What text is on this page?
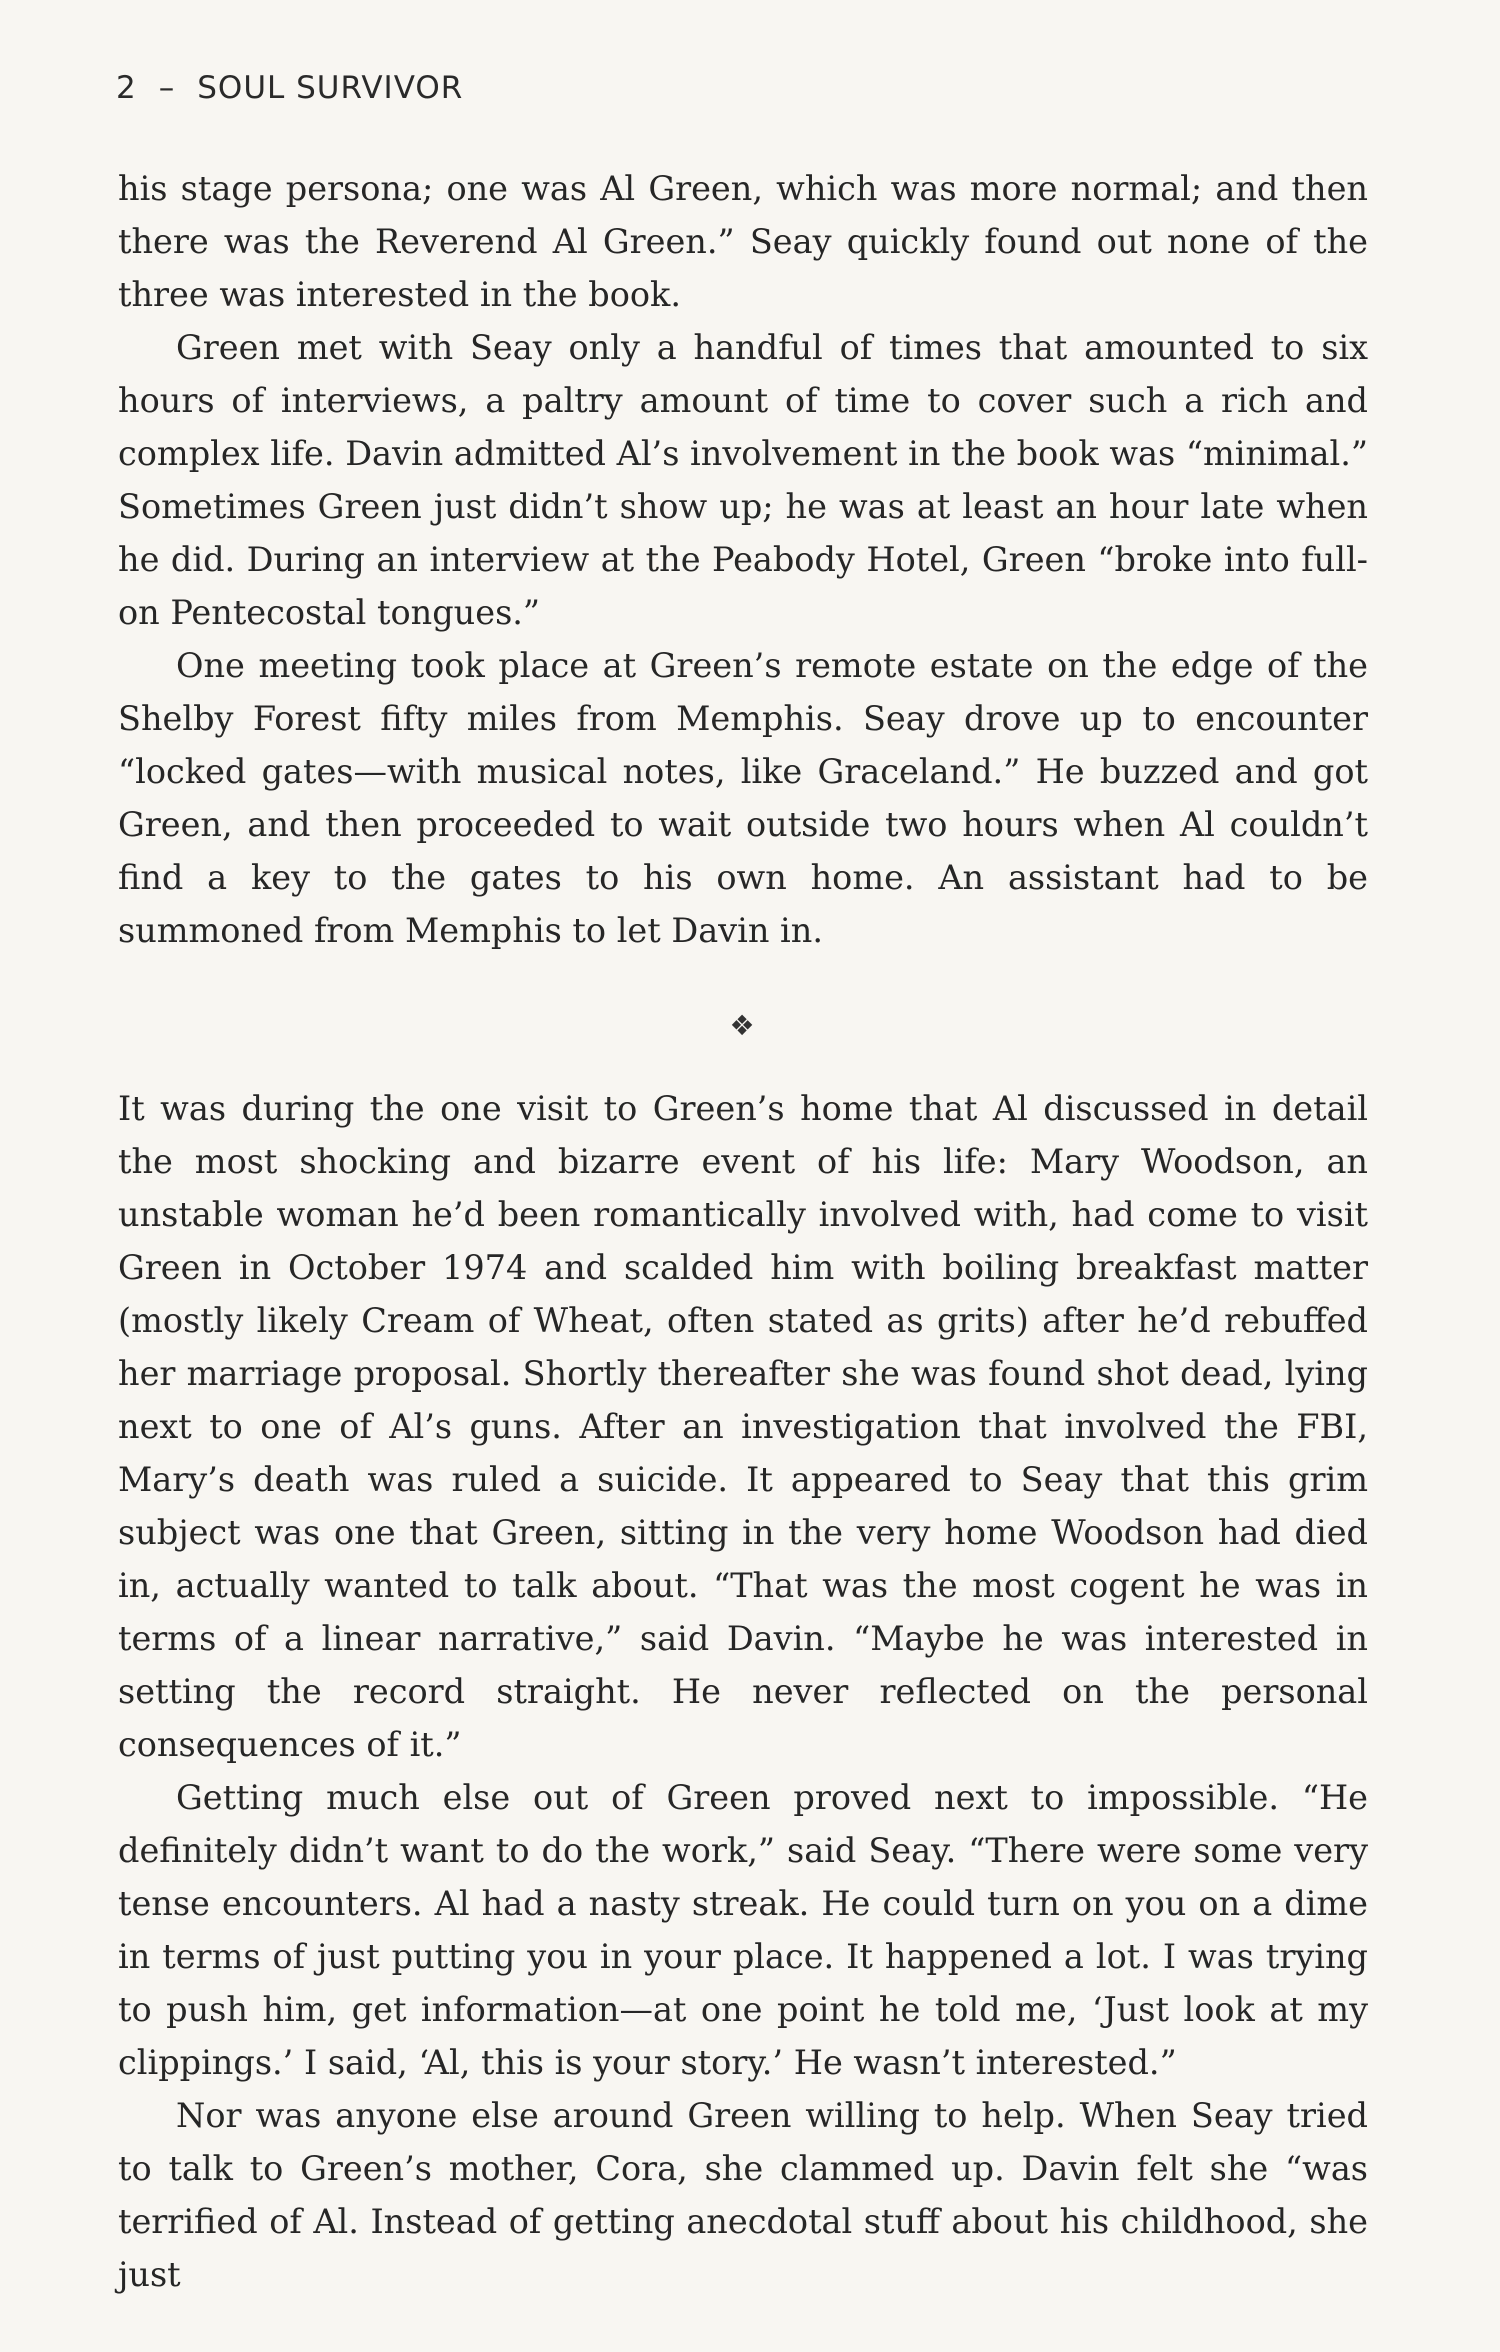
2 – SOUL SURVIVOR

his stage persona; one was Al Green, which was more normal; and then there was the Reverend Al Green.” Seay quickly found out none of the three was interested in the book.

Green met with Seay only a handful of times that amounted to six hours of interviews, a paltry amount of time to cover such a rich and complex life. Davin admitted Al’s involvement in the book was “minimal.” Sometimes Green just didn’t show up; he was at least an hour late when he did. During an interview at the Peabody Hotel, Green “broke into full-on Pentecostal tongues.”

One meeting took place at Green’s remote estate on the edge of the Shelby Forest fifty miles from Memphis. Seay drove up to encounter “locked gates—with musical notes, like Graceland.” He buzzed and got Green, and then proceeded to wait outside two hours when Al couldn’t find a key to the gates to his own home. An assistant had to be summoned from Memphis to let Davin in.

❖

It was during the one visit to Green’s home that Al discussed in detail the most shocking and bizarre event of his life: Mary Woodson, an unstable woman he’d been romantically involved with, had come to visit Green in October 1974 and scalded him with boiling breakfast matter (mostly likely Cream of Wheat, often stated as grits) after he’d rebuffed her marriage proposal. Shortly thereafter she was found shot dead, lying next to one of Al’s guns. After an investigation that involved the FBI, Mary’s death was ruled a suicide. It appeared to Seay that this grim subject was one that Green, sitting in the very home Woodson had died in, actually wanted to talk about. “That was the most cogent he was in terms of a linear narrative,” said Davin. “Maybe he was interested in setting the record straight. He never reflected on the personal consequences of it.”

Getting much else out of Green proved next to impossible. “He definitely didn’t want to do the work,” said Seay. “There were some very tense encounters. Al had a nasty streak. He could turn on you on a dime in terms of just putting you in your place. It happened a lot. I was trying to push him, get information—at one point he told me, ‘Just look at my clippings.’ I said, ‘Al, this is your story.’ He wasn’t interested.”

Nor was anyone else around Green willing to help. When Seay tried to talk to Green’s mother, Cora, she clammed up. Davin felt she “was terrified of Al. Instead of getting anecdotal stuff about his childhood, she just
